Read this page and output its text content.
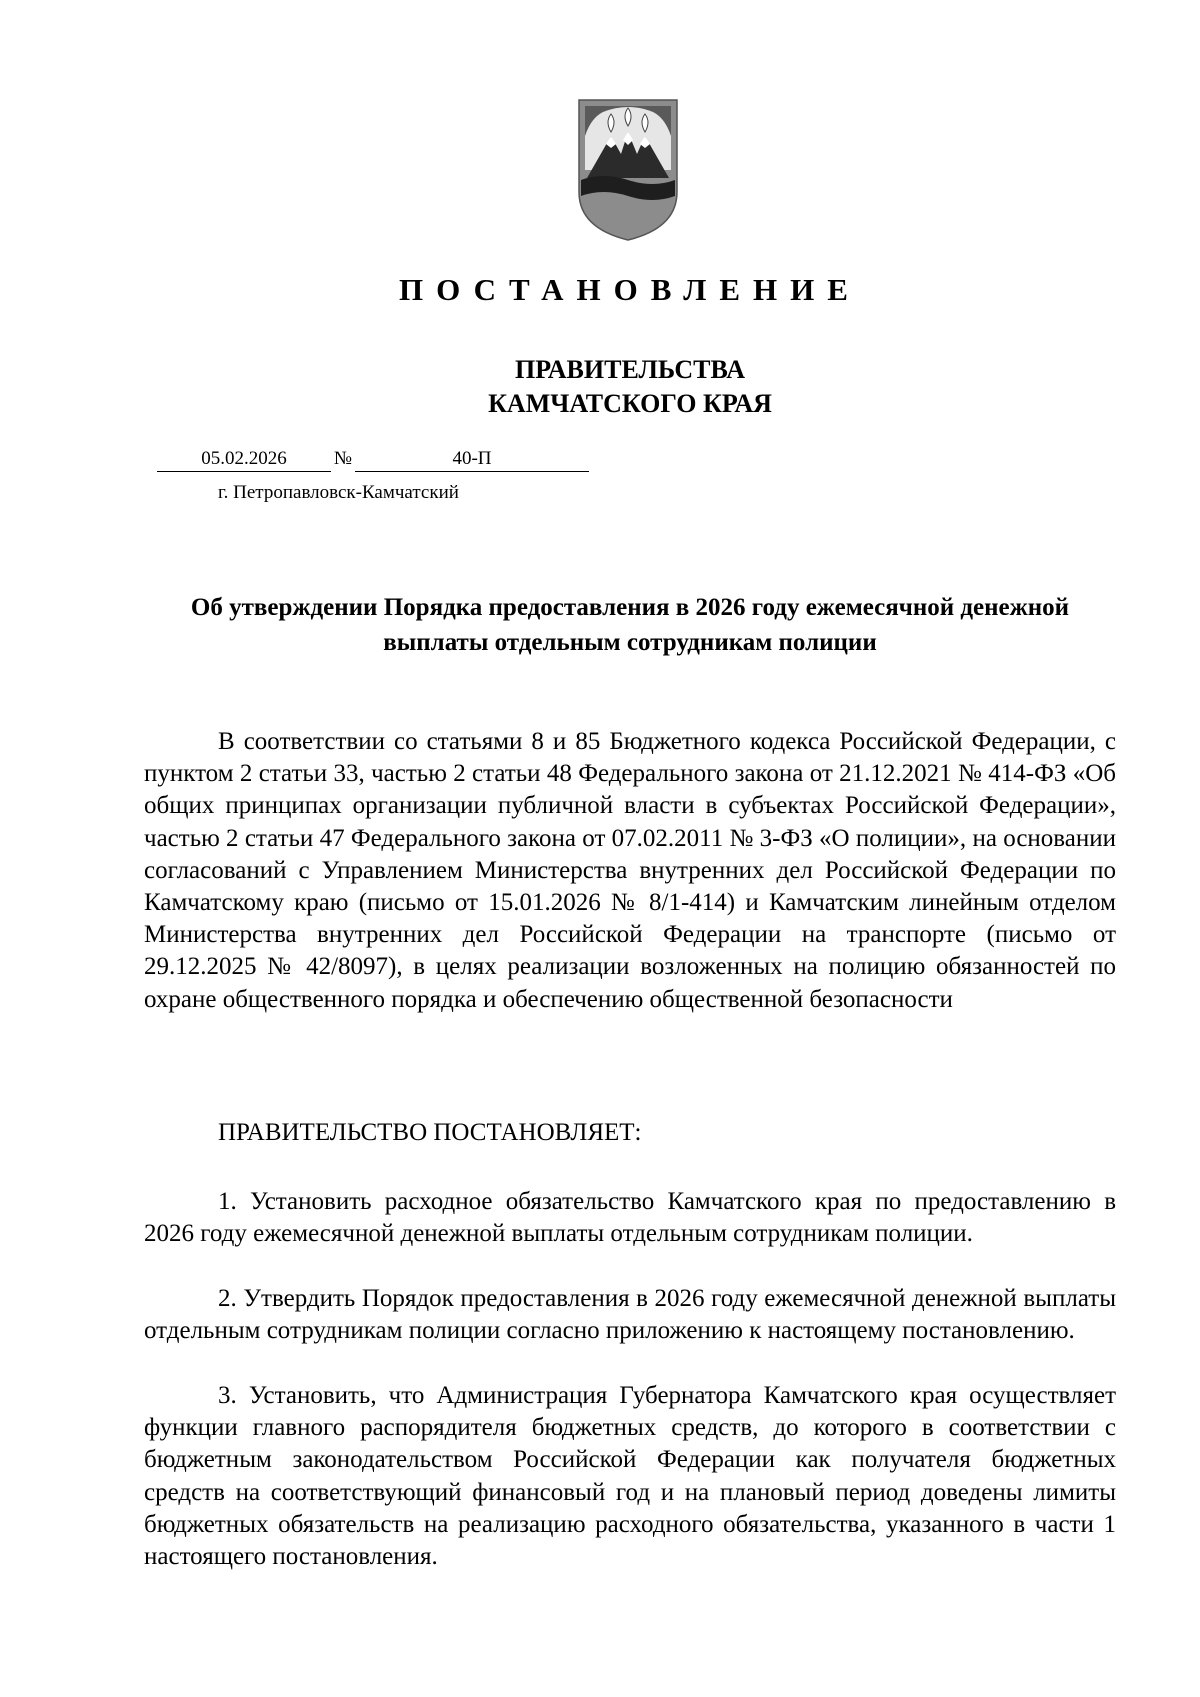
ПОСТАНОВЛЕНИЕ
ПРАВИТЕЛЬСТВА
КАМЧАТСКОГО КРАЯ
05.02.2026	№	40-П
г. Петропавловск-Камчатский
Об утверждении Порядка предоставления в 2026 году ежемесячной денежной выплаты отдельным сотрудникам полиции
В соответствии со статьями 8 и 85 Бюджетного кодекса Российской Федерации, с пунктом 2 статьи 33, частью 2 статьи 48 Федерального закона от 21.12.2021 № 414-ФЗ «Об общих принципах организации публичной власти в субъектах Российской Федерации», частью 2 статьи 47 Федерального закона от 07.02.2011 № 3-ФЗ «О полиции», на основании согласований с Управлением Министерства внутренних дел Российской Федерации по Камчатскому краю (письмо от 15.01.2026 № 8/1-414) и Камчатским линейным отделом Министерства внутренних дел Российской Федерации на транспорте (письмо от 29.12.2025 № 42/8097), в целях реализации возложенных на полицию обязанностей по охране общественного порядка и обеспечению общественной безопасности
ПРАВИТЕЛЬСТВО ПОСТАНОВЛЯЕТ:
1. Установить расходное обязательство Камчатского края по предоставлению в 2026 году ежемесячной денежной выплаты отдельным сотрудникам полиции.
2. Утвердить Порядок предоставления в 2026 году ежемесячной денежной выплаты отдельным сотрудникам полиции согласно приложению к настоящему постановлению.
3. Установить, что Администрация Губернатора Камчатского края осуществляет функции главного распорядителя бюджетных средств, до которого в соответствии с бюджетным законодательством Российской Федерации как получателя бюджетных средств на соответствующий финансовый год и на плановый период доведены лимиты бюджетных обязательств на реализацию расходного обязательства, указанного в части 1 настоящего постановления.
